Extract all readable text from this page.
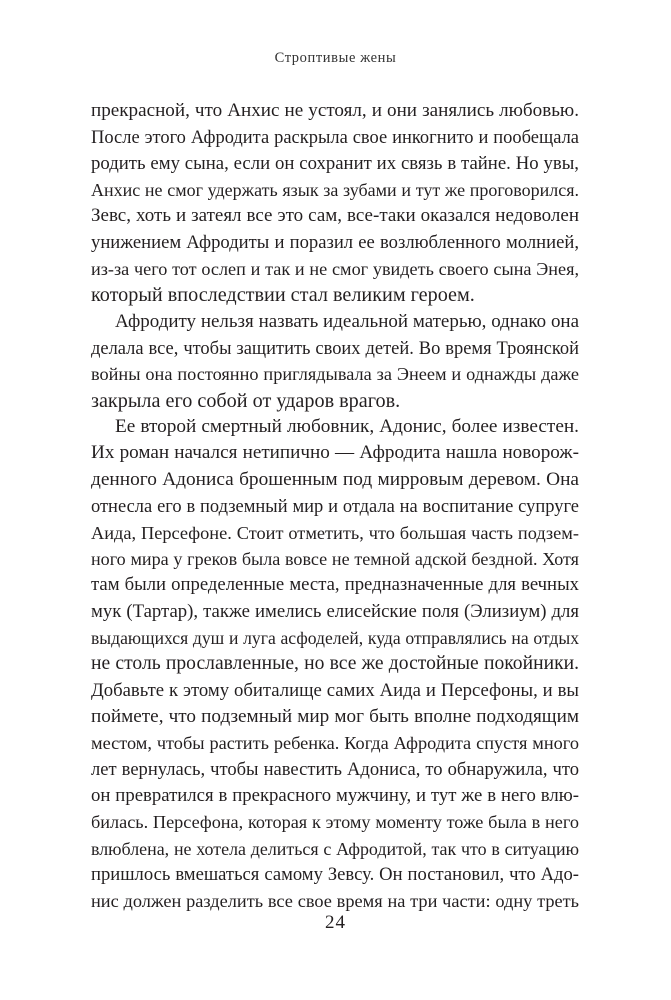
Строптивые жены
прекрасной, что Анхис не устоял, и они занялись любовью.
После этого Афродита раскрыла свое инкогнито и пообещала
родить ему сына, если он сохранит их связь в тайне. Но увы,
Анхис не смог удержать язык за зубами и тут же проговорился.
Зевс, хоть и затеял все это сам, все-таки оказался недоволен
унижением Афродиты и поразил ее возлюбленного молнией,
из-за чего тот ослеп и так и не смог увидеть своего сына Энея,
который впоследствии стал великим героем.
Афродиту нельзя назвать идеальной матерью, однако она
делала все, чтобы защитить своих детей. Во время Троянской
войны она постоянно приглядывала за Энеем и однажды даже
закрыла его собой от ударов врагов.
Ее второй смертный любовник, Адонис, более известен.
Их роман начался нетипично — Афродита нашла новорож-
денного Адониса брошенным под мирровым деревом. Она
отнесла его в подземный мир и отдала на воспитание супруге
Аида, Персефоне. Стоит отметить, что большая часть подзем-
ного мира у греков была вовсе не темной адской бездной. Хотя
там были определенные места, предназначенные для вечных
мук (Тартар), также имелись елисейские поля (Элизиум) для
выдающихся душ и луга асфоделей, куда отправлялись на отдых
не столь прославленные, но все же достойные покойники.
Добавьте к этому обиталище самих Аида и Персефоны, и вы
поймете, что подземный мир мог быть вполне подходящим
местом, чтобы растить ребенка. Когда Афродита спустя много
лет вернулась, чтобы навестить Адониса, то обнаружила, что
он превратился в прекрасного мужчину, и тут же в него влю-
билась. Персефона, которая к этому моменту тоже была в него
влюблена, не хотела делиться с Афродитой, так что в ситуацию
пришлось вмешаться самому Зевсу. Он постановил, что Адо-
нис должен разделить все свое время на три части: одну треть
24
